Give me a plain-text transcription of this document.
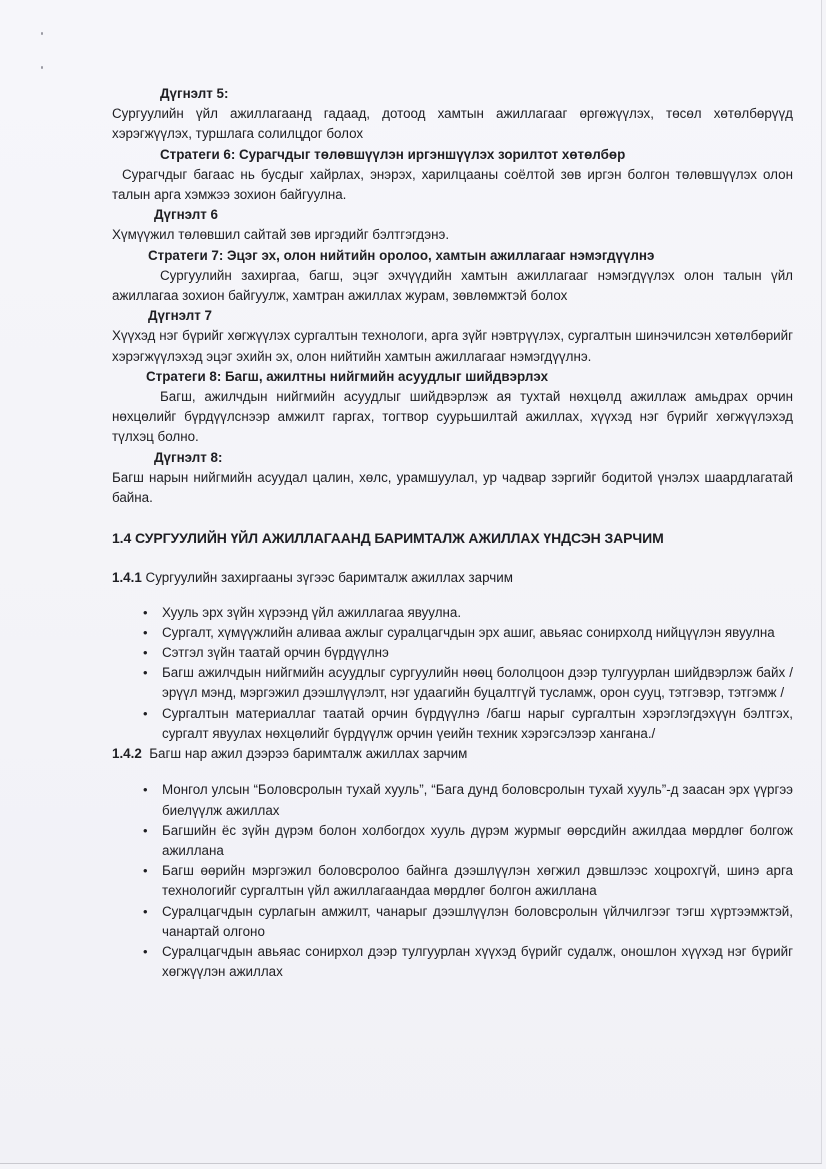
Дүгнэлт 5:

Сургуулийн үйл ажиллагаанд гадаад, дотоод хамтын ажиллагааг өргөжүүлэх, төсөл хөтөлбөрүүд хэрэгжүүлэх, туршлага солилцдог болох

Стратеги 6: Сурагчдыг төлөвшүүлэн иргэншүүлэх зорилтот хөтөлбөр

Сурагчдыг багаас нь бусдыг хайрлах, энэрэх, харилцааны соёлтой зөв иргэн болгон төлөвшүүлэх олон талын арга хэмжээ зохион байгуулна.

Дүгнэлт 6

Хүмүүжил төлөвшил сайтай зөв иргэдийг бэлтгэгдэнэ.

Стратеги 7: Эцэг эх, олон нийтийн оролоо, хамтын ажиллагааг нэмэгдүүлнэ

Сургуулийн захиргаа, багш, эцэг эхчүүдийн хамтын ажиллагааг нэмэгдүүлэх олон талын үйл ажиллагаа зохион байгуулж, хамтран ажиллах журам, зөвлөмжтэй болох

Дүгнэлт 7

Хүүхэд нэг бүрийг хөгжүүлэх сургалтын технологи, арга зүйг нэвтрүүлэх, сургалтын шинэчилсэн хөтөлбөрийг хэрэгжүүлэхэд эцэг эхийн эх, олон нийтийн хамтын ажиллагааг нэмэгдүүлнэ.

Стратеги 8: Багш, ажилтны нийгмийн асуудлыг шийдвэрлэх

Багш, ажилчдын нийгмийн асуудлыг шийдвэрлэж ая тухтай нөхцөлд ажиллаж амьдрах орчин нөхцөлийг бүрдүүлснээр амжилт гаргах, тогтвор суурьшилтай ажиллах, хүүхэд нэг бүрийг хөгжүүлэхэд түлхэц болно.

Дүгнэлт 8:

Багш нарын нийгмийн асуудал цалин, хөлс, урамшуулал, ур чадвар зэргийг бодитой үнэлэх шаардлагатай байна.

1.4 СУРГУУЛИЙН ҮЙЛ АЖИЛЛАГААНД БАРИМТАЛЖ АЖИЛЛАХ ҮНДСЭН ЗАРЧИМ

1.4.1 Сургуулийн захиргааны зүгээс баримталж ажиллах зарчим

• Хууль эрх зүйн хүрээнд үйл ажиллагаа явуулна.
• Сургалт, хүмүүжлийн аливаа ажлыг суралцагчдын эрх ашиг, авьяас сонирхолд нийцүүлэн явуулна
• Сэтгэл зүйн таатай орчин бүрдүүлнэ
• Багш ажилчдын нийгмийн асуудлыг сургуулийн нөөц бололцоон дээр тулгуурлан шийдвэрлэж байх / эрүүл мэнд, мэргэжил дээшлүүлэлт, нэг удаагийн буцалтгүй тусламж, орон сууц, тэтгэвэр, тэтгэмж /
• Сургалтын материаллаг таатай орчин бүрдүүлнэ /багш нарыг сургалтын хэрэглэгдэхүүн бэлтгэх, сургалт явуулах нөхцөлийг бүрдүүлж орчин үеийн техник хэрэгсэлээр хангана./

1.4.2  Багш нар ажил дээрээ баримталж ажиллах зарчим

• Монгол улсын “Боловсролын тухай хууль”, “Бага дунд боловсролын тухай хууль”-д заасан эрх үүргээ биелүүлж ажиллах
• Багшийн ёс зүйн дүрэм болон холбогдох хууль дүрэм журмыг өөрсдийн ажилдаа мөрдлөг болгож ажиллана
• Багш өөрийн мэргэжил боловсролоо байнга дээшлүүлэн хөгжил дэвшлээс хоцрохгүй, шинэ арга технологийг сургалтын үйл ажиллагаандаа мөрдлөг болгон ажиллана
• Суралцагчдын сурлагын амжилт, чанарыг дээшлүүлэн боловсролын үйлчилгээг тэгш хүртээмжтэй, чанартай олгоно
• Суралцагчдын авьяас сонирхол дээр тулгуурлан хүүхэд бүрийг судалж, оношлон хүүхэд нэг бүрийг хөгжүүлэн ажиллах
